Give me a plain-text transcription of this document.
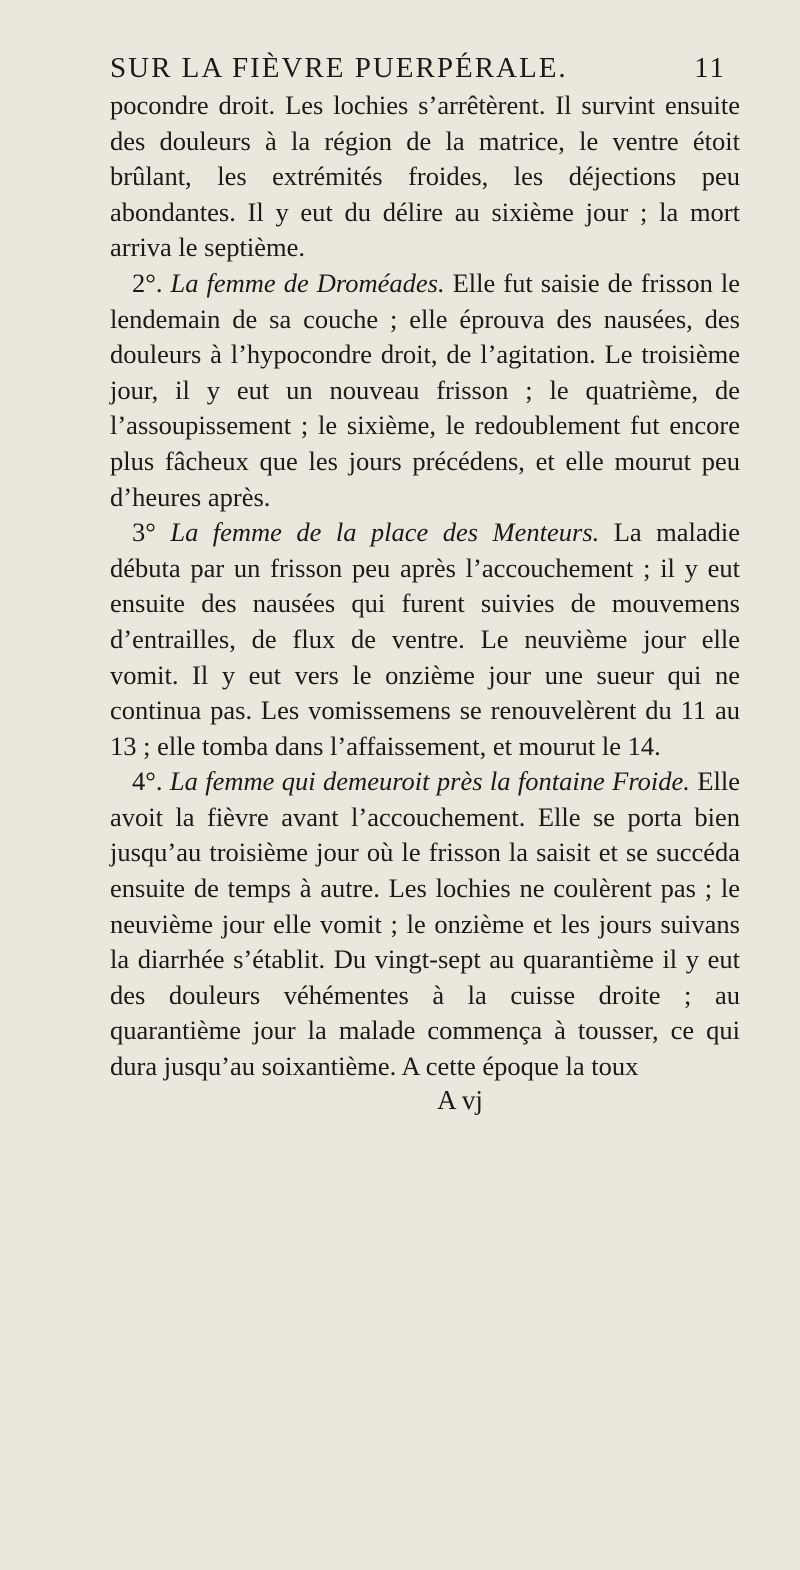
SUR LA FIÈVRE PUERPÉRALE.	11

pocondre droit. Les lochies s’arrêtèrent. Il survint ensuite des douleurs à la région de la matrice, le ventre étoit brûlant, les extrémités froides, les déjections peu abondantes. Il y eut du délire au sixième jour ; la mort arriva le septième.

2°. La femme de Droméades. Elle fut saisie de frisson le lendemain de sa couche ; elle éprouva des nausées, des douleurs à l’hypocondre droit, de l’agitation. Le troisième jour, il y eut un nouveau frisson ; le quatrième, de l’assoupissement ; le sixième, le redoublement fut encore plus fâcheux que les jours précédens, et elle mourut peu d’heures après.

3° La femme de la place des Menteurs. La maladie débuta par un frisson peu après l’accouchement ; il y eut ensuite des nausées qui furent suivies de mouvemens d’entrailles, de flux de ventre. Le neuvième jour elle vomit. Il y eut vers le onzième jour une sueur qui ne continua pas. Les vomissemens se renouvelèrent du 11 au 13 ; elle tomba dans l’affaissement, et mourut le 14.

4°. La femme qui demeuroit près la fontaine Froide. Elle avoit la fièvre avant l’accouchement. Elle se porta bien jusqu’au troisième jour où le frisson la saisit et se succéda ensuite de temps à autre. Les lochies ne coulèrent pas ; le neuvième jour elle vomit ; le onzième et les jours suivans la diarrhée s’établit. Du vingt-sept au quarantième il y eut des douleurs véhémentes à la cuisse droite ; au quarantième jour la malade commença à tousser, ce qui dura jusqu’au soixantième. A cette époque la toux

A vj
